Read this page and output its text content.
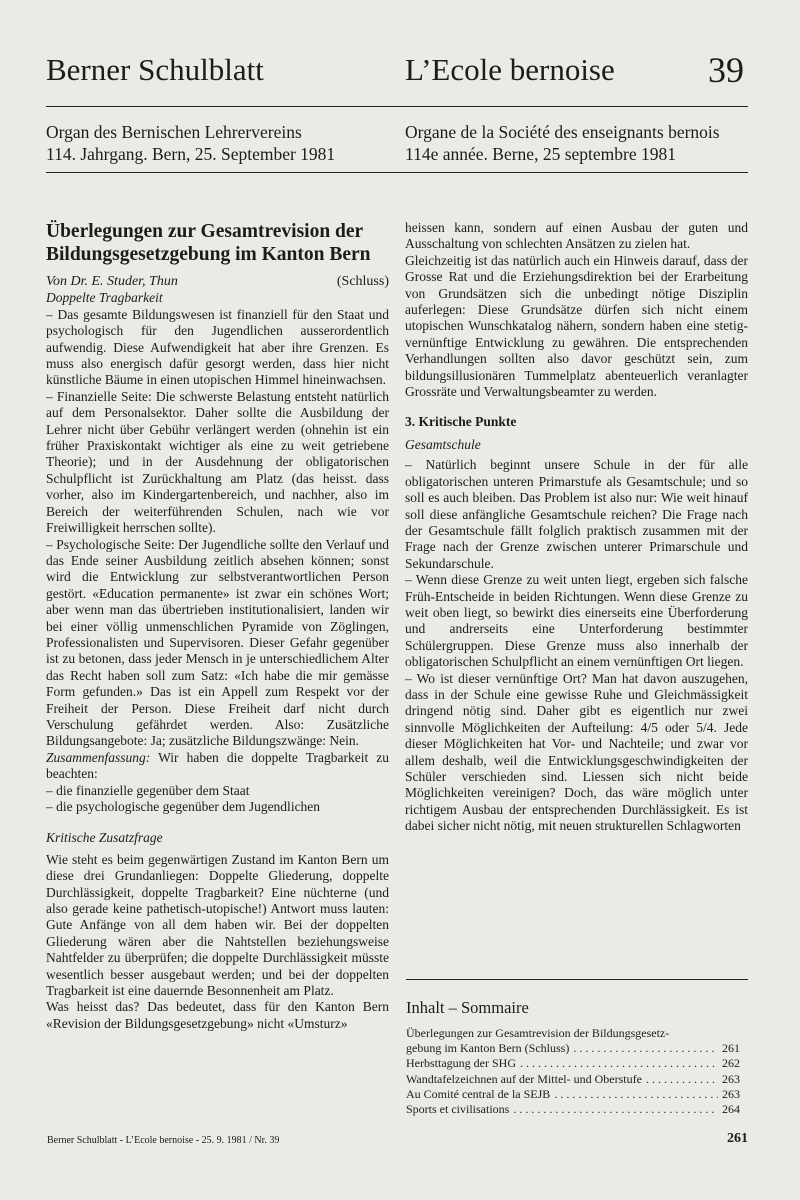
Berner Schulblatt	L’Ecole bernoise	39
Organ des Bernischen Lehrervereins
114. Jahrgang. Bern, 25. September 1981
Organe de la Société des enseignants bernois
114e année. Berne, 25 septembre 1981
Überlegungen zur Gesamtrevision der
Bildungsgesetzgebung im Kanton Bern
Von Dr. E. Studer, Thun	(Schluss)

Doppelte Tragbarkeit

– Das gesamte Bildungswesen ist finanziell für den Staat und psychologisch für den Jugendlichen ausserordentlich aufwendig. Diese Aufwendigkeit hat aber ihre Grenzen. Es muss also energisch dafür gesorgt werden, dass hier nicht künstliche Bäume in einen utopischen Himmel hineinwachsen.

– Finanzielle Seite: Die schwerste Belastung entsteht natürlich auf dem Personalsektor. Daher sollte die Ausbildung der Lehrer nicht über Gebühr verlängert werden (ohnehin ist ein früher Praxiskontakt wichtiger als eine zu weit getriebene Theorie); und in der Ausdehnung der obligatorischen Schulpflicht ist Zurückhaltung am Platz (das heisst. dass vorher, also im Kindergartenbereich, und nachher, also im Bereich der weiterführenden Schulen, nach wie vor Freiwilligkeit herrschen sollte).

– Psychologische Seite: Der Jugendliche sollte den Verlauf und das Ende seiner Ausbildung zeitlich absehen können; sonst wird die Entwicklung zur selbstverantwortlichen Person gestört. «Education permanente» ist zwar ein schönes Wort; aber wenn man das übertrieben institutionalisiert, landen wir bei einer völlig unmenschlichen Pyramide von Zöglingen, Professionalisten und Supervisoren. Dieser Gefahr gegenüber ist zu betonen, dass jeder Mensch in je unterschiedlichem Alter das Recht haben soll zum Satz: «Ich habe die mir gemässe Form gefunden.» Das ist ein Appell zum Respekt vor der Freiheit der Person. Diese Freiheit darf nicht durch Verschulung gefährdet werden. Also: Zusätzliche Bildungsangebote: Ja; zusätzliche Bildungszwänge: Nein.

Zusammenfassung: Wir haben die doppelte Tragbarkeit zu beachten:

– die finanzielle gegenüber dem Staat

– die psychologische gegenüber dem Jugendlichen

Kritische Zusatzfrage

Wie steht es beim gegenwärtigen Zustand im Kanton Bern um diese drei Grundanliegen: Doppelte Gliederung, doppelte Durchlässigkeit, doppelte Tragbarkeit? Eine nüchterne (und also gerade keine pathetisch-utopische!) Antwort muss lauten: Gute Anfänge von all dem haben wir. Bei der doppelten Gliederung wären aber die Nahtstellen beziehungsweise Nahtfelder zu überprüfen; die doppelte Durchlässigkeit müsste wesentlich besser ausgebaut werden; und bei der doppelten Tragbarkeit ist eine dauernde Besonnenheit am Platz.

Was heisst das? Das bedeutet, dass für den Kanton Bern «Revision der Bildungsgesetzgebung» nicht «Umsturz»

heissen kann, sondern auf einen Ausbau der guten und Ausschaltung von schlechten Ansätzen zu zielen hat.

Gleichzeitig ist das natürlich auch ein Hinweis darauf, dass der Grosse Rat und die Erziehungsdirektion bei der Erarbeitung von Grundsätzen sich die unbedingt nötige Disziplin auferlegen: Diese Grundsätze dürfen sich nicht einem utopischen Wunschkatalog nähern, sondern haben eine stetig-vernünftige Entwicklung zu gewähren. Die entsprechenden Verhandlungen sollten also davor geschützt sein, zum bildungsillusionären Tummelplatz abenteuerlich veranlagter Grossräte und Verwaltungsbeamter zu werden.

3. Kritische Punkte

Gesamtschule

– Natürlich beginnt unsere Schule in der für alle obligatorischen unteren Primarstufe als Gesamtschule; und so soll es auch bleiben. Das Problem ist also nur: Wie weit hinauf soll diese anfängliche Gesamtschule reichen? Die Frage nach der Gesamtschule fällt folglich praktisch zusammen mit der Frage nach der Grenze zwischen unterer Primarschule und Sekundarschule.

– Wenn diese Grenze zu weit unten liegt, ergeben sich falsche Früh-Entscheide in beiden Richtungen. Wenn diese Grenze zu weit oben liegt, so bewirkt dies einerseits eine Überforderung und andrerseits eine Unterforderung bestimmter Schülergruppen. Diese Grenze muss also innerhalb der obligatorischen Schulpflicht an einem vernünftigen Ort liegen.

– Wo ist dieser vernünftige Ort? Man hat davon auszugehen, dass in der Schule eine gewisse Ruhe und Gleichmässigkeit dringend nötig sind. Daher gibt es eigentlich nur zwei sinnvolle Möglichkeiten der Aufteilung: 4/5 oder 5/4. Jede dieser Möglichkeiten hat Vor- und Nachteile; und zwar vor allem deshalb, weil die Entwicklungsgeschwindigkeiten der Schüler verschieden sind. Liessen sich nicht beide Möglichkeiten vereinigen? Doch, das wäre möglich unter richtigem Ausbau der entsprechenden Durchlässigkeit. Es ist dabei sicher nicht nötig, mit neuen strukturellen Schlagworten

Inhalt – Sommaire
Überlegungen zur Gesamtrevision der Bildungsgesetz-
gebung im Kanton Bern (Schluss) . . .	261
Herbsttagung der SHG . . .	262
Wandtafelzeichnen auf der Mittel- und Oberstufe . . .	263
Au Comité central de la SEJB . . .	263
Sports et civilisations . . .	264
Berner Schulblatt - L’Ecole bernoise - 25. 9. 1981 / Nr. 39	261
